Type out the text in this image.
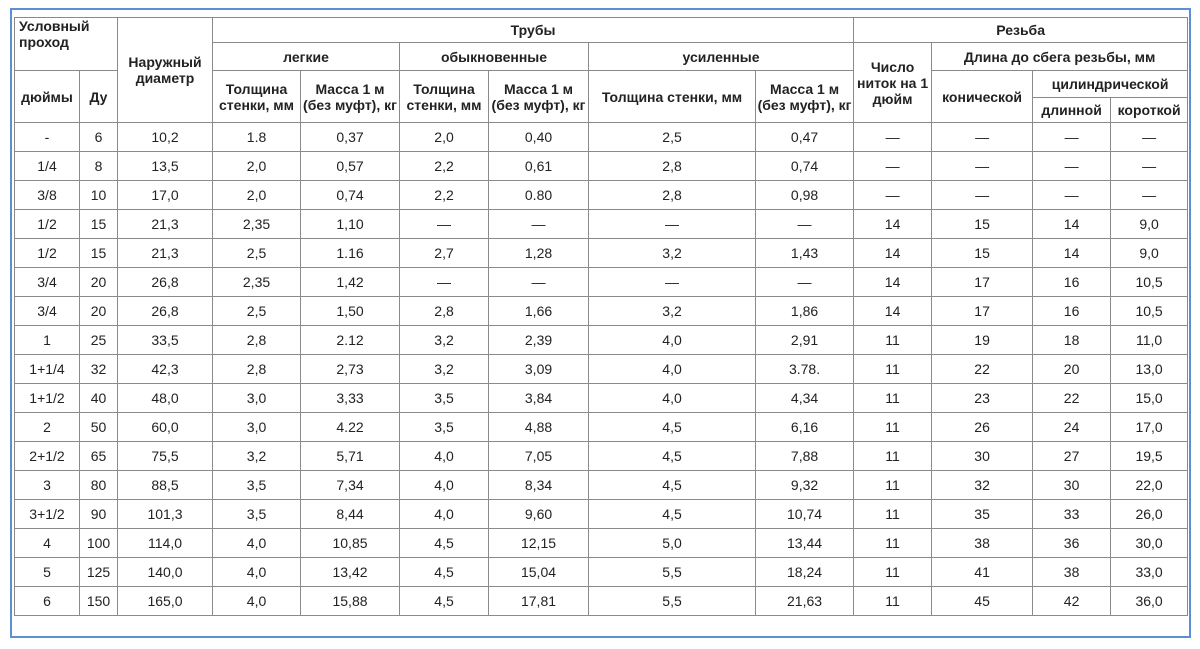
Условный проход		Наружный диаметр	Трубы						Резьба			
			легкие		обыкновенные		усиленные		Число ниток на 1 дюйм	Длина до сбега резьбы, мм		
дюймы	Ду		Толщина стенки, мм	Масса 1 м (без муфт), кг	Толщина стенки, мм	Масса 1 м (без муфт), кг	Толщина стенки, мм	Масса 1 м (без муфт), кг		конической	цилиндрической	
											длинной	короткой
-	6	10,2	1.8	0,37	2,0	0,40	2,5	0,47	—	—	—	—
1/4	8	13,5	2,0	0,57	2,2	0,61	2,8	0,74	—	—	—	—
3/8	10	17,0	2,0	0,74	2,2	0.80	2,8	0,98	—	—	—	—
1/2	15	21,3	2,35	1,10	—	—	—	—	14	15	14	9,0
1/2	15	21,3	2,5	1.16	2,7	1,28	3,2	1,43	14	15	14	9,0
3/4	20	26,8	2,35	1,42	—	—	—	—	14	17	16	10,5
3/4	20	26,8	2,5	1,50	2,8	1,66	3,2	1,86	14	17	16	10,5
1	25	33,5	2,8	2.12	3,2	2,39	4,0	2,91	11	19	18	11,0
1+1/4	32	42,3	2,8	2,73	3,2	3,09	4,0	3.78.	11	22	20	13,0
1+1/2	40	48,0	3,0	3,33	3,5	3,84	4,0	4,34	11	23	22	15,0
2	50	60,0	3,0	4.22	3,5	4,88	4,5	6,16	11	26	24	17,0
2+1/2	65	75,5	3,2	5,71	4,0	7,05	4,5	7,88	11	30	27	19,5
3	80	88,5	3,5	7,34	4,0	8,34	4,5	9,32	11	32	30	22,0
3+1/2	90	101,3	3,5	8,44	4,0	9,60	4,5	10,74	11	35	33	26,0
4	100	114,0	4,0	10,85	4,5	12,15	5,0	13,44	11	38	36	30,0
5	125	140,0	4,0	13,42	4,5	15,04	5,5	18,24	11	41	38	33,0
6	150	165,0	4,0	15,88	4,5	17,81	5,5	21,63	11	45	42	36,0
